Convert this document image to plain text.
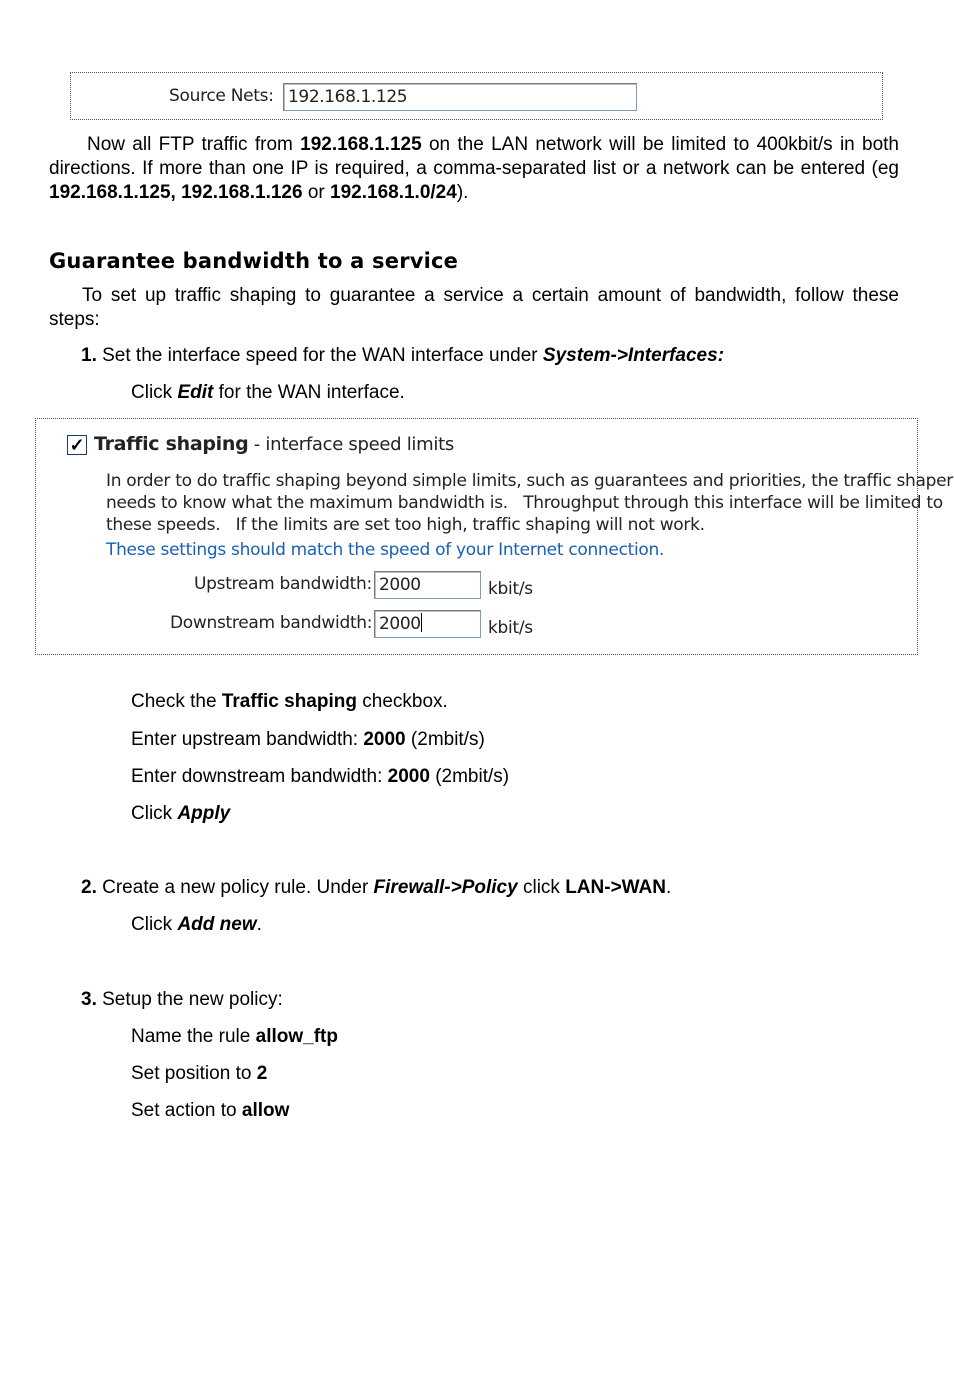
Source Nets: 192.168.1.125

Now all FTP traffic from 192.168.1.125 on the LAN network will be limited to 400kbit/s in both directions. If more than one IP is required, a comma-separated list or a network can be entered (eg 192.168.1.125, 192.168.1.126 or 192.168.1.0/24).

Guarantee bandwidth to a service

To set up traffic shaping to guarantee a service a certain amount of bandwidth, follow these steps:

1. Set the interface speed for the WAN interface under System->Interfaces:
Click Edit for the WAN interface.
✓ Traffic shaping - interface speed limits
In order to do traffic shaping beyond simple limits, such as guarantees and priorities, the traffic shaper
needs to know what the maximum bandwidth is.   Throughput through this interface will be limited to
these speeds.   If the limits are set too high, traffic shaping will not work.
These settings should match the speed of your Internet connection.
Upstream bandwidth: 2000	kbit/s
Downstream bandwidth: 2000	kbit/s
Check the Traffic shaping checkbox.
Enter upstream bandwidth: 2000 (2mbit/s)
Enter downstream bandwidth: 2000 (2mbit/s)
Click Apply
2. Create a new policy rule. Under Firewall->Policy click LAN->WAN.
Click Add new.
3. Setup the new policy:
Name the rule allow_ftp
Set position to 2
Set action to allow
